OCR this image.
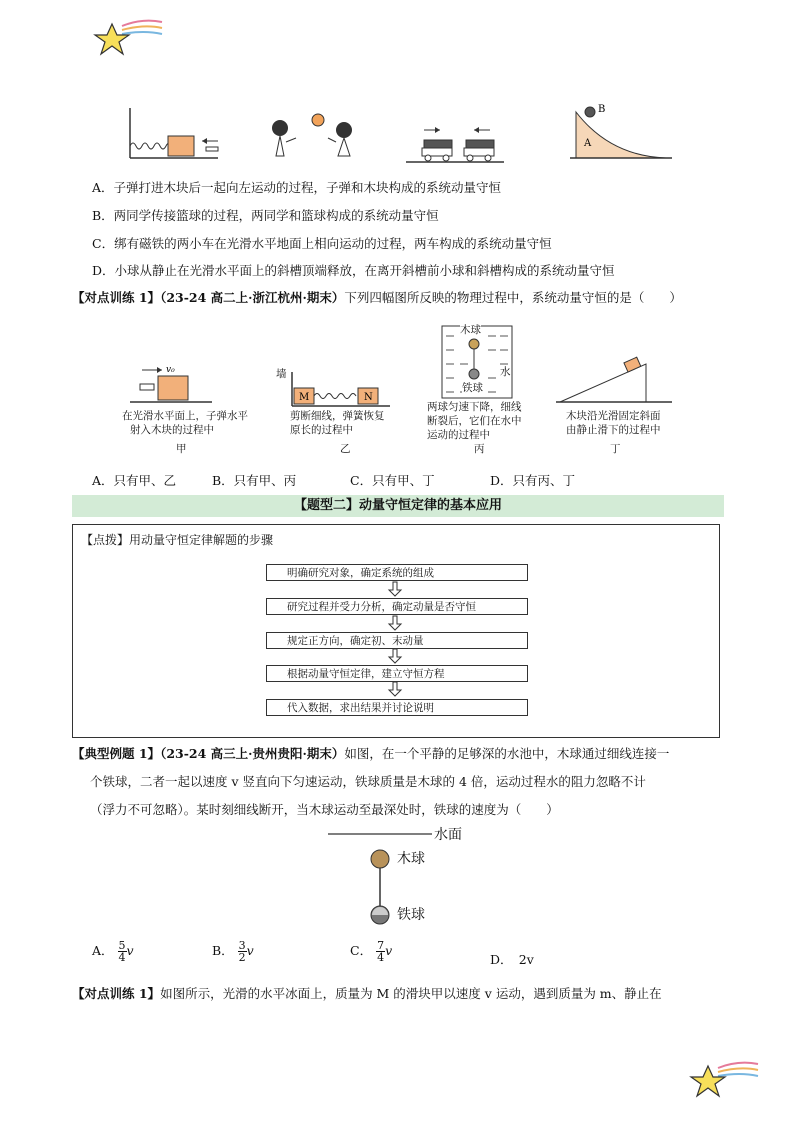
B
A
A．子弹打进木块后一起向左运动的过程，子弹和木块构成的系统动量守恒
B．两同学传接篮球的过程，两同学和篮球构成的系统动量守恒
C．绑有磁铁的两小车在光滑水平地面上相向运动的过程，两车构成的系统动量守恒
D．小球从静止在光滑水平面上的斜槽顶端释放，在离开斜槽前小球和斜槽构成的系统动量守恒
【对点训练 1】（23-24 高二上·浙江杭州·期末）下列四幅图所反映的物理过程中，系统动量守恒的是（　　）
v₀
在光滑水平面上，子弹水平
射入木块的过程中
甲
墙
M	N
剪断细线，弹簧恢复
原长的过程中
乙
木球
水
铁球
两球匀速下降，细线
断裂后，它们在水中
运动的过程中
丙
木块沿光滑固定斜面
由静止滑下的过程中
丁
A．只有甲、乙	B．只有甲、丙	C．只有甲、丁	D．只有丙、丁
【题型二】动量守恒定律的基本应用
【点拨】用动量守恒定律解题的步骤
明确研究对象，确定系统的组成
研究过程并受力分析，确定动量是否守恒
规定正方向，确定初、末动量
根据动量守恒定律，建立守恒方程
代入数据，求出结果并讨论说明
【典型例题 1】（23-24 高三上·贵州贵阳·期末）如图，在一个平静的足够深的水池中，木球通过细线连接一
个铁球，二者一起以速度 v 竖直向下匀速运动，铁球质量是木球的 4 倍，运动过程水的阻力忽略不计
（浮力不可忽略）。某时刻细线断开，当木球运动至最深处时，铁球的速度为（　　）
水面
木球
铁球
A． $\frac{5}{4}$ v	B． $\frac{3}{2}$ v	C． $\frac{7}{4}$ v
D．　2v
【对点训练 1】如图所示，光滑的水平冰面上，质量为 M 的滑块甲以速度 v 运动，遇到质量为 m、静止在
